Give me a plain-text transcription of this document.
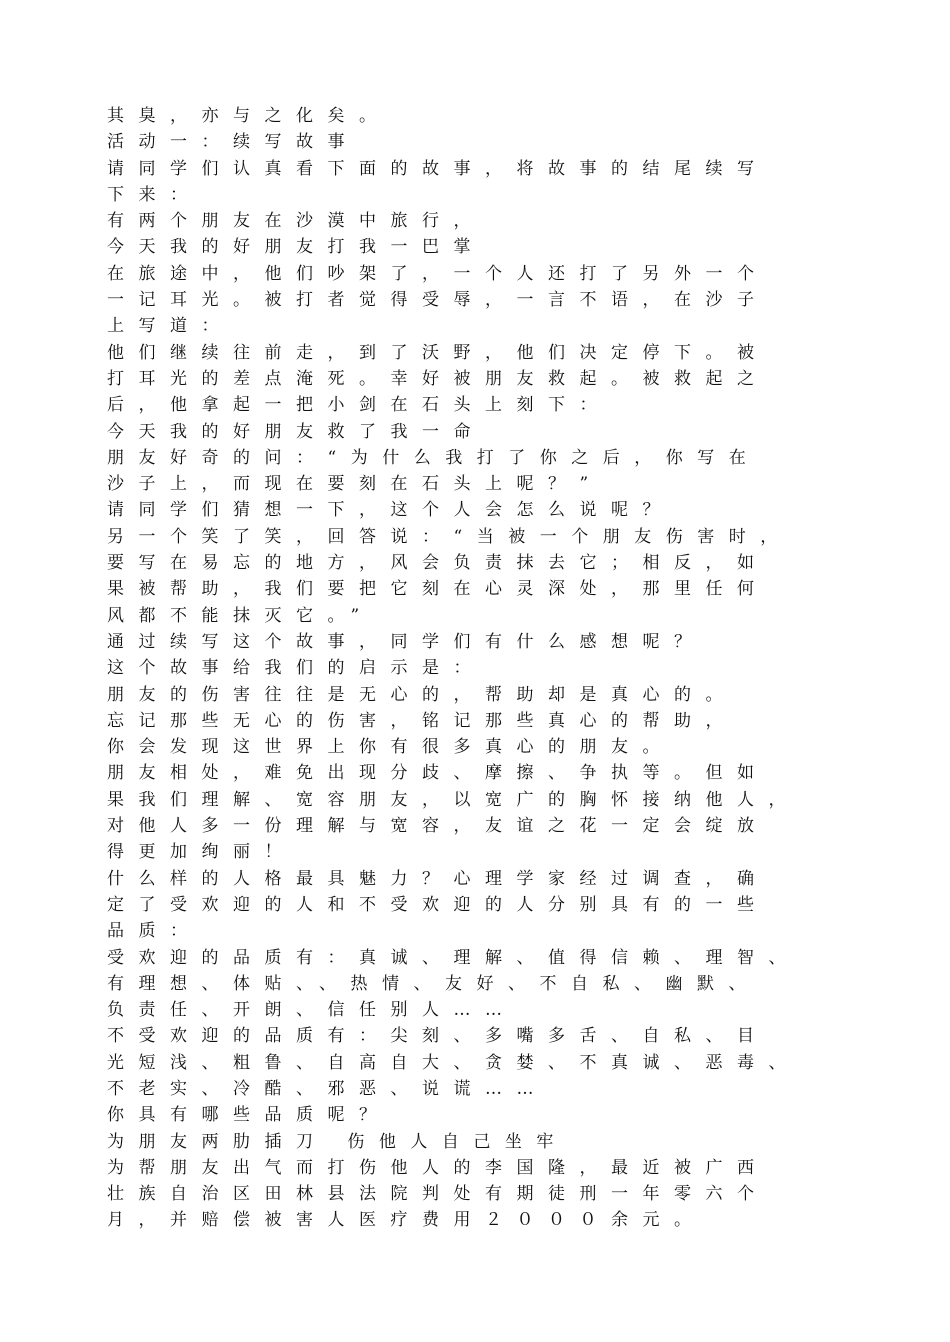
其臭，亦与之化矣。
活动一：续写故事
请同学们认真看下面的故事，将故事的结尾续写
下来：
有两个朋友在沙漠中旅行，
今天我的好朋友打我一巴掌
在旅途中，他们吵架了，一个人还打了另外一个
一记耳光。被打者觉得受辱，一言不语，在沙子
上写道：
他们继续往前走，到了沃野，他们决定停下。被
打耳光的差点淹死。幸好被朋友救起。被救起之
后，他拿起一把小剑在石头上刻下：
今天我的好朋友救了我一命
朋友好奇的问：“为什么我打了你之后，你写在
沙子上，而现在要刻在石头上呢？”
请同学们猜想一下，这个人会怎么说呢？
另一个笑了笑，回答说：“当被一个朋友伤害时，
要写在易忘的地方，风会负责抹去它；相反，如
果被帮助，我们要把它刻在心灵深处，那里任何
风都不能抹灭它。”
通过续写这个故事，同学们有什么感想呢？
这个故事给我们的启示是：
朋友的伤害往往是无心的，帮助却是真心的。
忘记那些无心的伤害，铭记那些真心的帮助，
你会发现这世界上你有很多真心的朋友。
朋友相处，难免出现分歧、摩擦、争执等。但如
果我们理解、宽容朋友，以宽广的胸怀接纳他人，
对他人多一份理解与宽容，友谊之花一定会绽放
得更加绚丽！
什么样的人格最具魅力？心理学家经过调查，确
定了受欢迎的人和不受欢迎的人分别具有的一些
品质：
受欢迎的品质有：真诚、理解、值得信赖、理智、
有理想、体贴、、热情、友好、不自私、幽默、
负责任、开朗、信任别人……
不受欢迎的品质有：尖刻、多嘴多舌、自私、目
光短浅、粗鲁、自高自大、贪婪、不真诚、恶毒、
不老实、冷酷、邪恶、说谎……
你具有哪些品质呢？
为朋友两肋插刀 伤他人自己坐牢
为帮朋友出气而打伤他人的李国隆，最近被广西
壮族自治区田林县法院判处有期徒刑一年零六个
月，并赔偿被害人医疗费用２０００余元。
